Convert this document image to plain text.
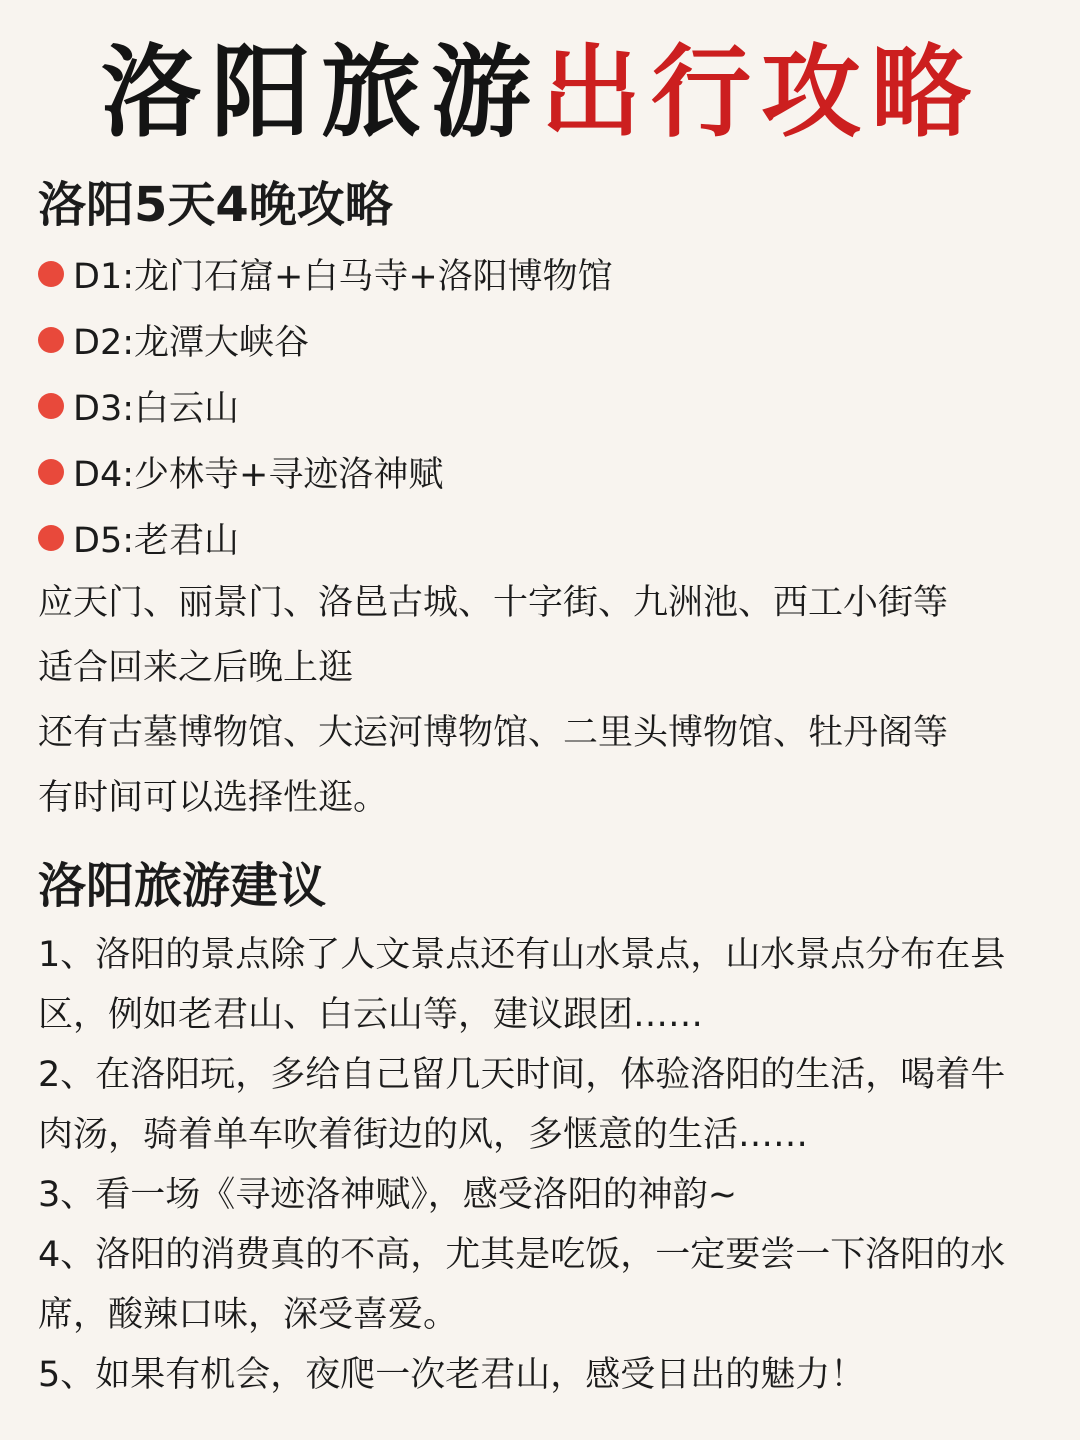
洛阳旅游 出行攻略
洛阳5天4晚攻略
D1:龙门石窟+白马寺+洛阳博物馆
D2:龙潭大峡谷
D3:白云山
D4:少林寺+寻迹洛神赋
D5:老君山

应天门、丽景门、洛邑古城、十字街、九洲池、西工小街等

适合回来之后晚上逛

还有古墓博物馆、大运河博物馆、二里头博物馆、牡丹阁等

有时间可以选择性逛。

洛阳旅游建议
1、洛阳的景点除了人文景点还有山水景点，山水景点分布在县
区，例如老君山、白云山等，建议跟团……
2、在洛阳玩，多给自己留几天时间，体验洛阳的生活，喝着牛
肉汤，骑着单车吹着街边的风，多惬意的生活……
3、看一场《寻迹洛神赋》，感受洛阳的神韵~
4、洛阳的消费真的不高，尤其是吃饭，一定要尝一下洛阳的水
席，酸辣口味，深受喜爱。
5、如果有机会，夜爬一次老君山，感受日出的魅力！
